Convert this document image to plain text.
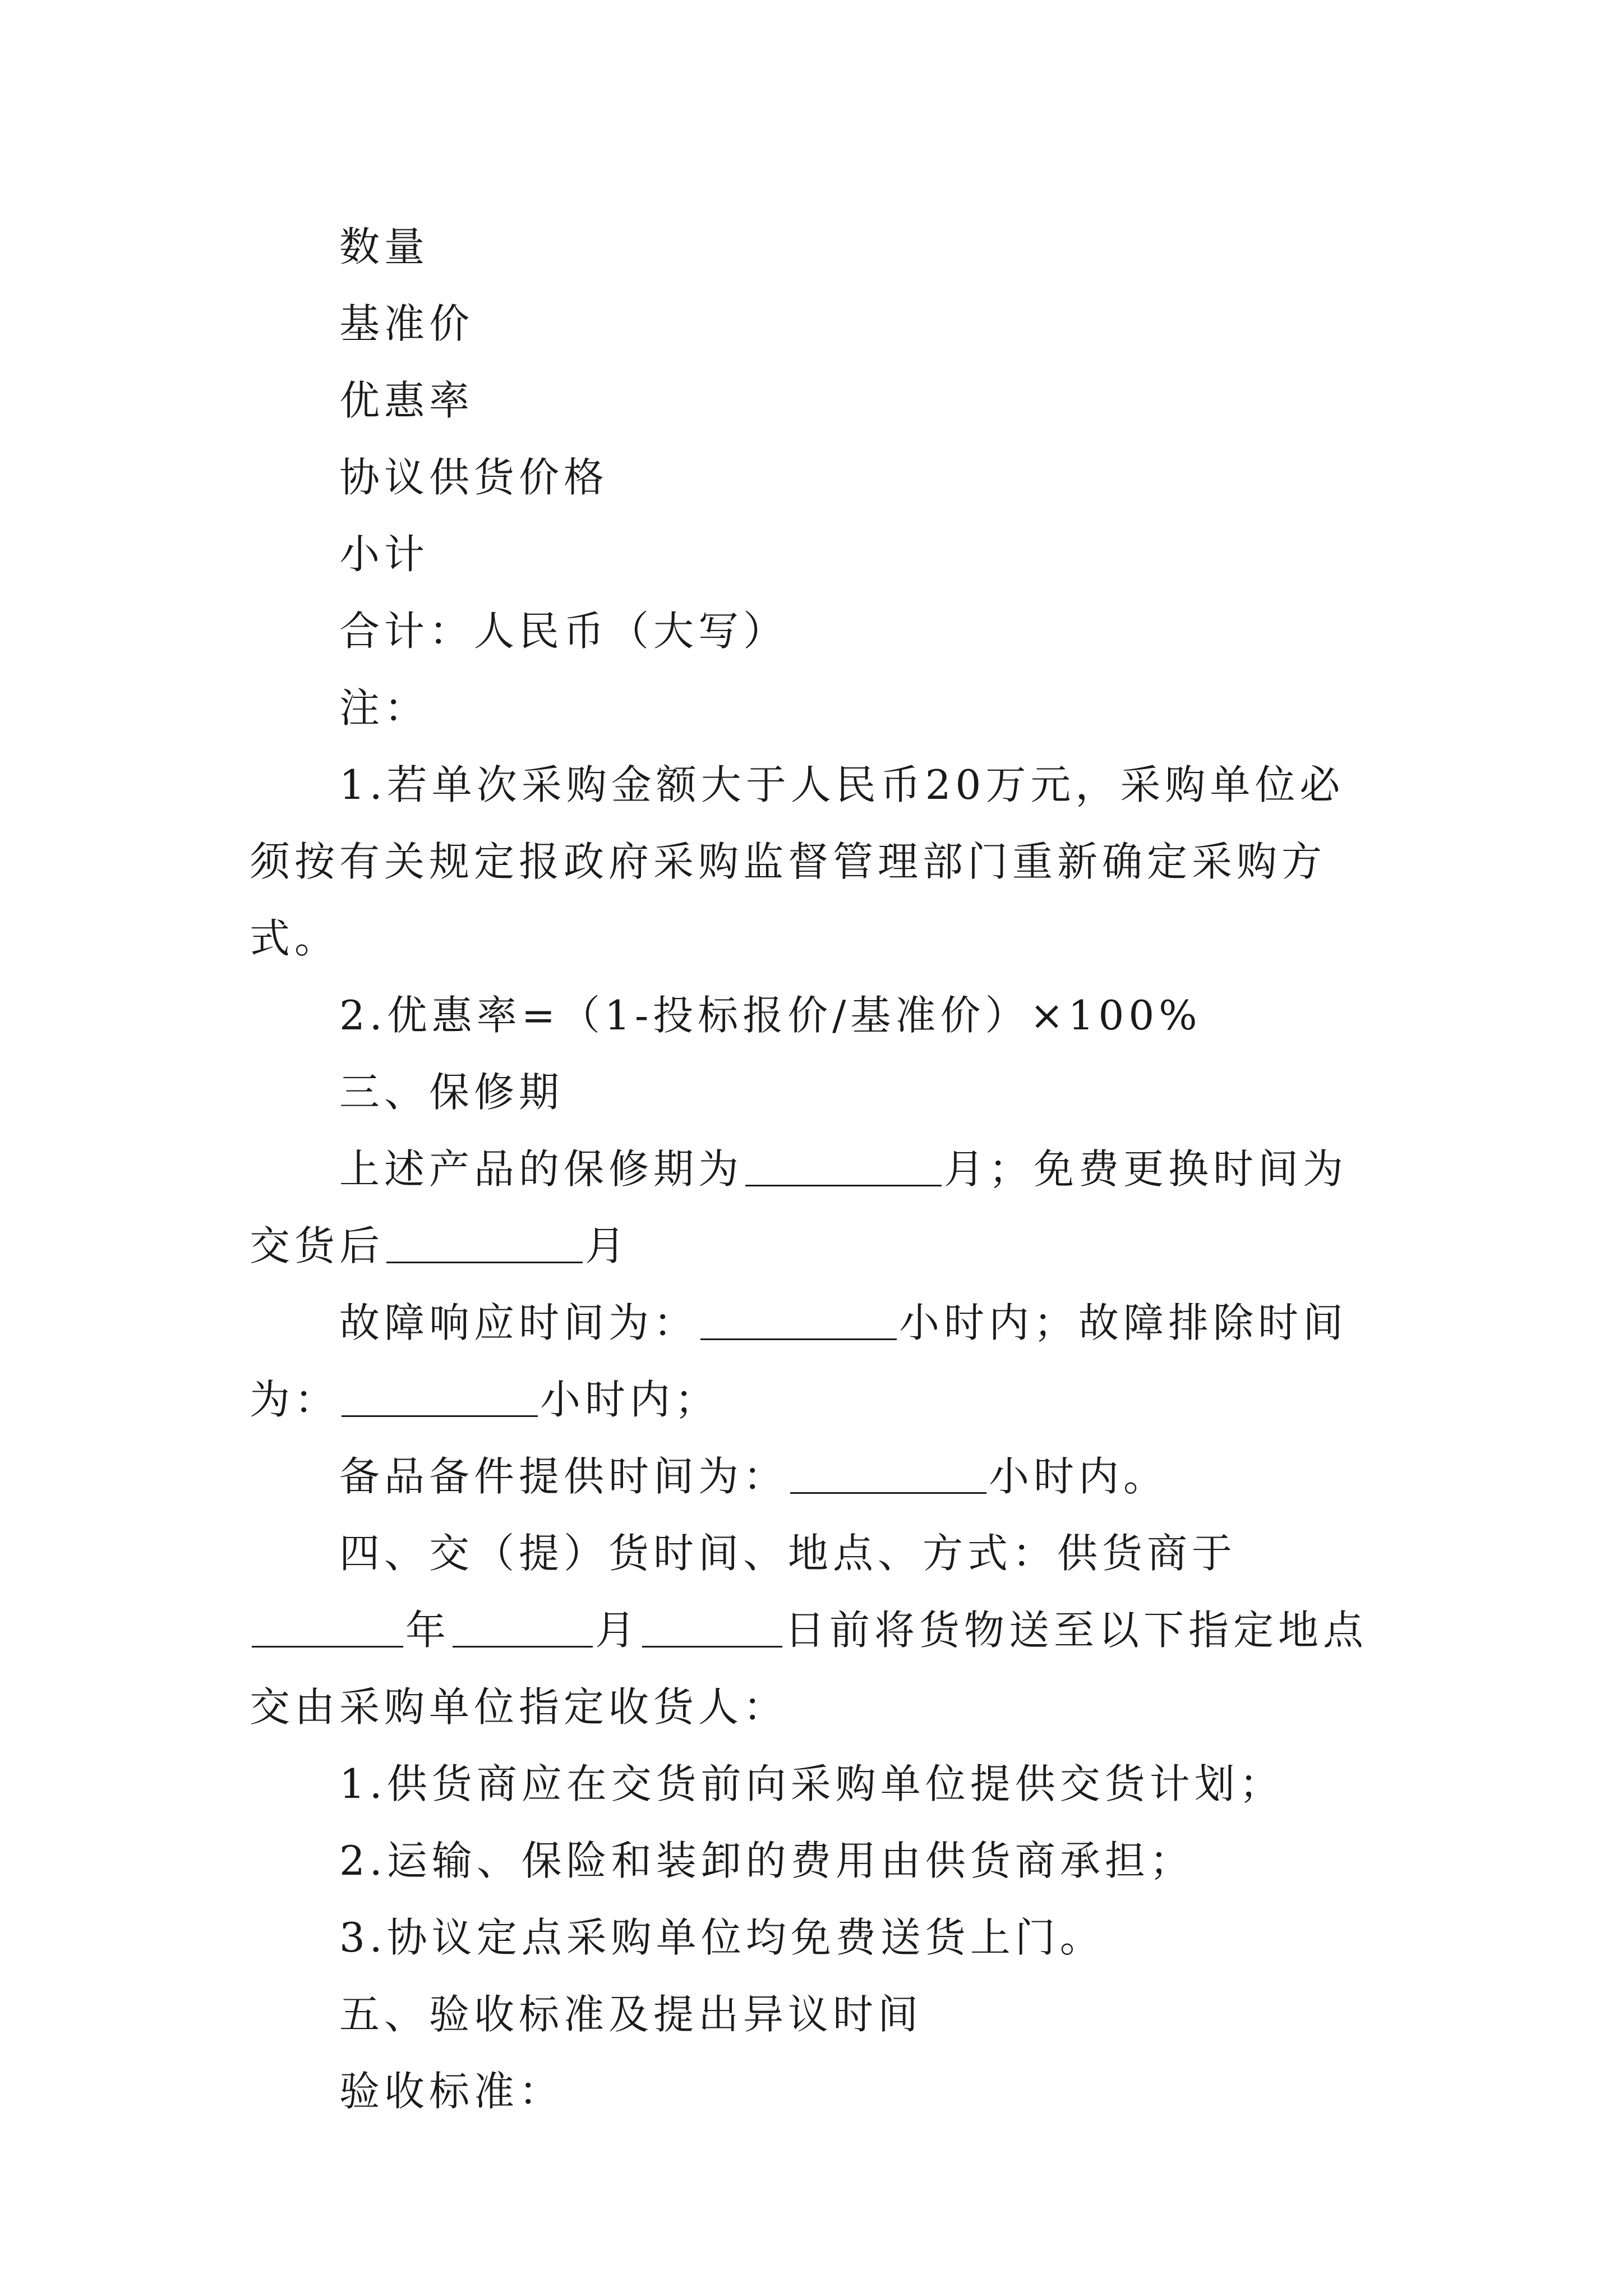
数量

基准价

优惠率

协议供货价格

小计

合计：人民币（大写）

注：

1.若单次采购金额大于人民币20万元，采购单位必须按有关规定报政府采购监督管理部门重新确定采购方式。

2.优惠率=（1-投标报价/基准价）×100%

三、保修期

上述产品的保修期为	月；免费更换时间为交货后	月

故障响应时间为：	小时内；故障排除时间为：	小时内；

备品备件提供时间为：	小时内。

四、交（提）货时间、地点、方式：供货商于年	月	日前将货物送至以下指定地点交由采购单位指定收货人：

1.供货商应在交货前向采购单位提供交货计划；

2.运输、保险和装卸的费用由供货商承担；

3.协议定点采购单位均免费送货上门。

五、验收标准及提出异议时间

验收标准：
